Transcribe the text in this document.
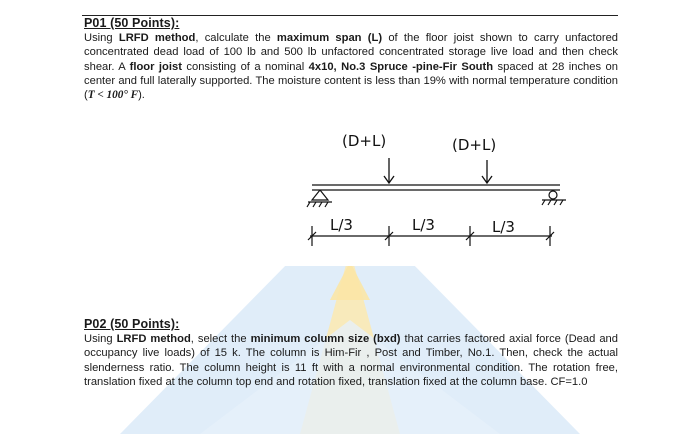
P01 (50 Points):
Using LRFD method, calculate the maximum span (L) of the floor joist shown to carry unfactored concentrated dead load of 100 lb and 500 lb unfactored concentrated storage live load and then check shear. A floor joist consisting of a nominal 4x10, No.3 Spruce -pine-Fir South spaced at 28 inches on center and full laterally supported. The moisture content is less than 19% with normal temperature condition (T < 100° F).
(D+L)	(D+L)
L/3	L/3	L/3
P02 (50 Points):
Using LRFD method, select the minimum column size (bxd) that carries factored axial force (Dead and occupancy live loads) of 15 k. The column is Him-Fir , Post and Timber, No.1. Then, check the actual slenderness ratio. The column height is 11 ft with a normal environmental condition. The rotation free, translation fixed at the column top end and rotation fixed, translation fixed at the column base. CF=1.0
